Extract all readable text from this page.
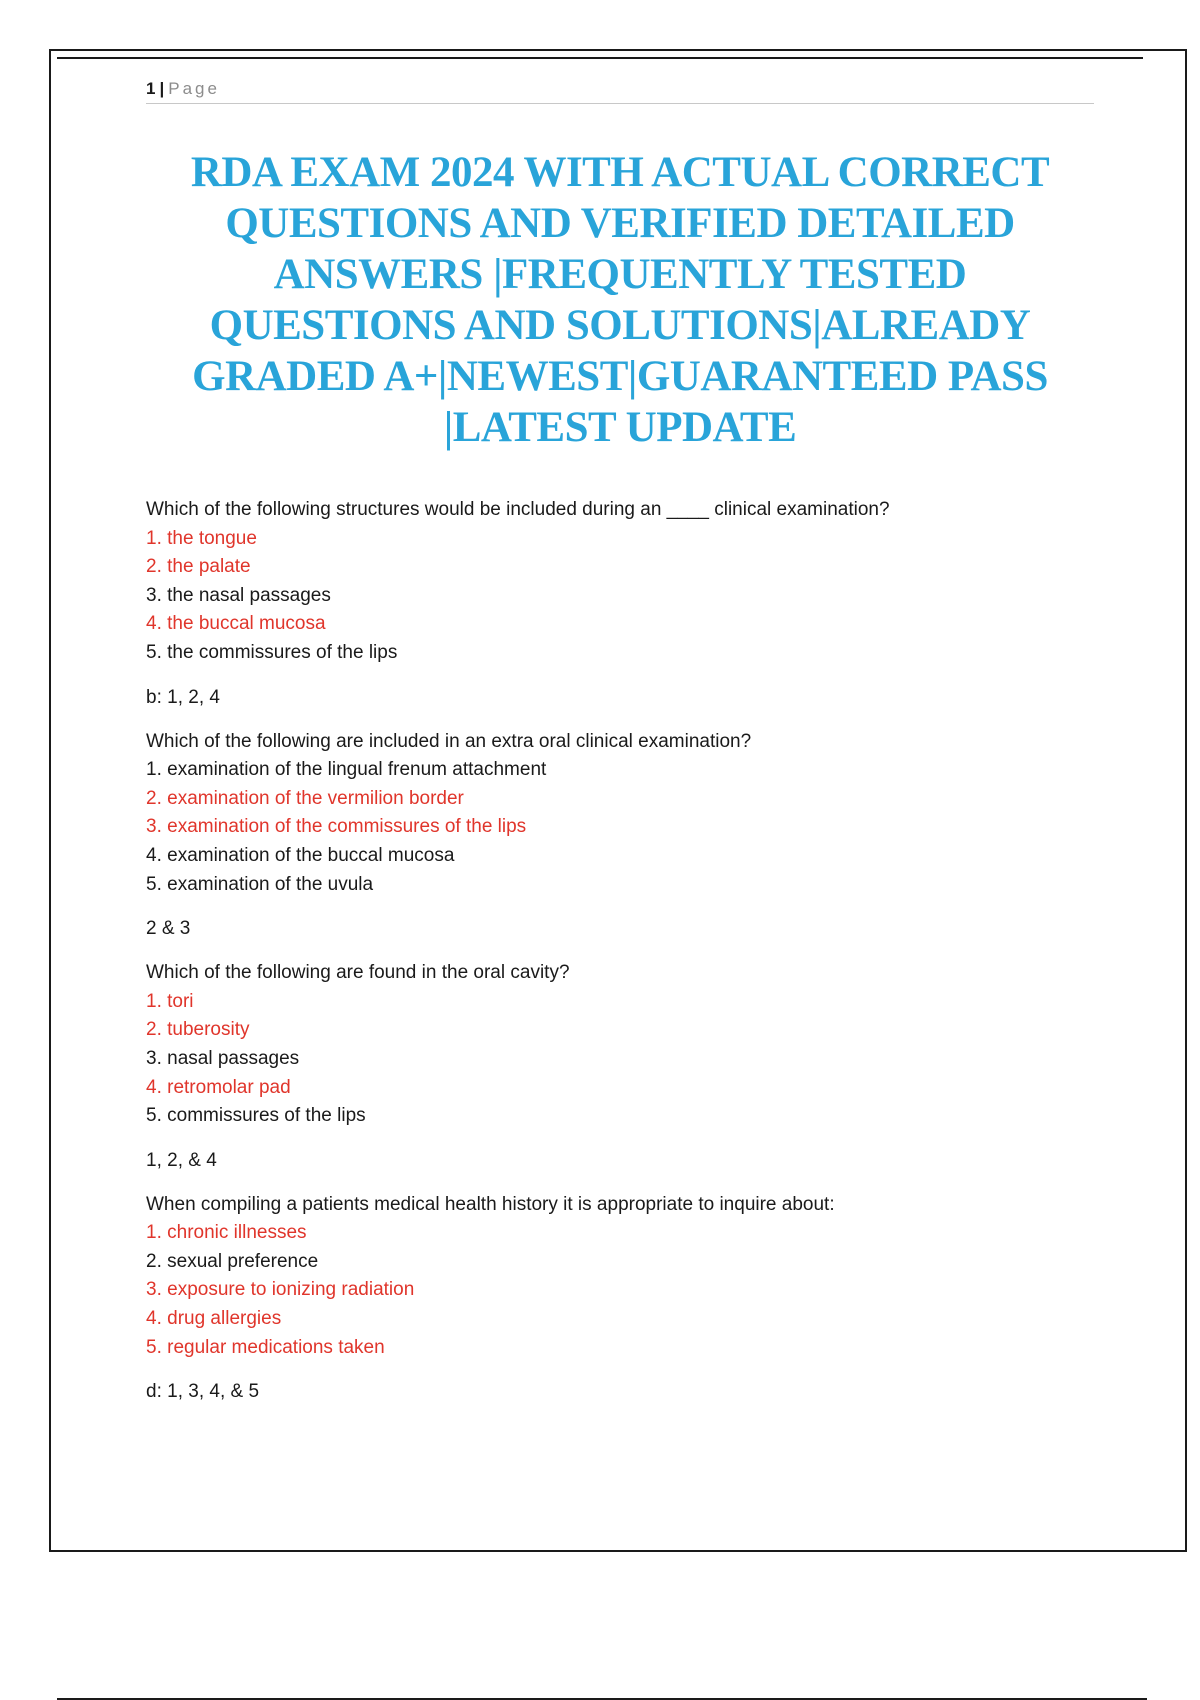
1 | Page
RDA EXAM 2024 WITH ACTUAL CORRECT
QUESTIONS AND VERIFIED DETAILED
ANSWERS |FREQUENTLY TESTED
QUESTIONS AND SOLUTIONS|ALREADY
GRADED A+|NEWEST|GUARANTEED PASS
|LATEST UPDATE
Which of the following structures would be included during an ____ clinical examination?
1. the tongue
2. the palate
3. the nasal passages
4. the buccal mucosa
5. the commissures of the lips
b: 1, 2, 4
Which of the following are included in an extra oral clinical examination?
1. examination of the lingual frenum attachment
2. examination of the vermilion border
3. examination of the commissures of the lips
4. examination of the buccal mucosa
5. examination of the uvula
2 & 3
Which of the following are found in the oral cavity?
1. tori
2. tuberosity
3. nasal passages
4. retromolar pad
5. commissures of the lips
1, 2, & 4
When compiling a patients medical health history it is appropriate to inquire about:
1. chronic illnesses
2. sexual preference
3. exposure to ionizing radiation
4. drug allergies
5. regular medications taken
d: 1, 3, 4, & 5
